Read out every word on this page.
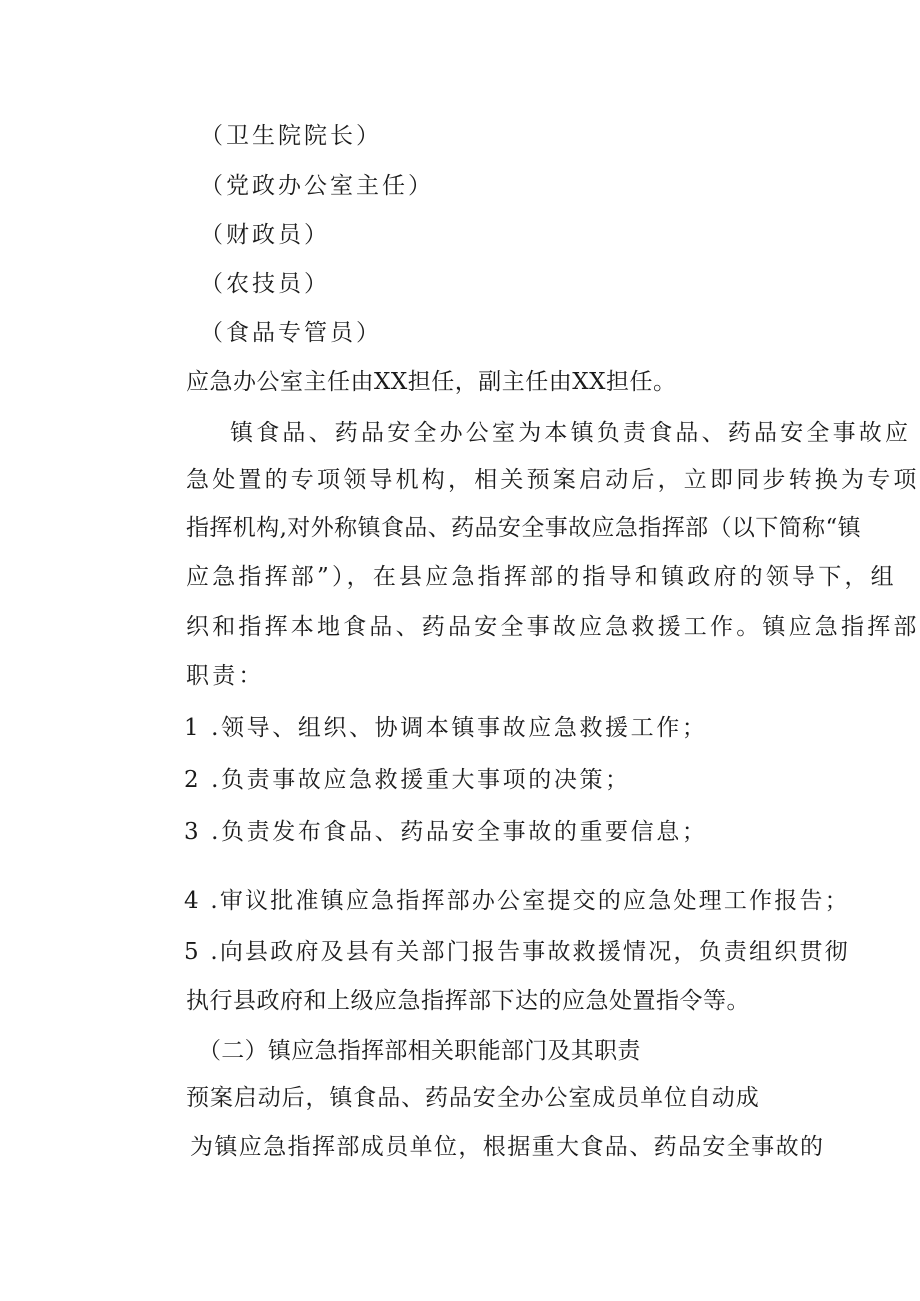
（卫生院院长）
（党政办公室主任）
（财政员）
（农技员）
（食品专管员）
应急办公室主任由XX担任，副主任由XX担任。
镇食品、药品安全办公室为本镇负责食品、药品安全事故应
急处置的专项领导机构，相关预案启动后，立即同步转换为专项
指挥机构,对外称镇食品、药品安全事故应急指挥部（以下简称“镇
应急指挥部”），在县应急指挥部的指导和镇政府的领导下，组
织和指挥本地食品、药品安全事故应急救援工作。镇应急指挥部
职责：
1 .领导、组织、协调本镇事故应急救援工作；
2 .负责事故应急救援重大事项的决策；
3 .负责发布食品、药品安全事故的重要信息；
4 .审议批准镇应急指挥部办公室提交的应急处理工作报告；
5 .向县政府及县有关部门报告事故救援情况，负责组织贯彻
执行县政府和上级应急指挥部下达的应急处置指令等。
（二）镇应急指挥部相关职能部门及其职责
预案启动后，镇食品、药品安全办公室成员单位自动成
为镇应急指挥部成员单位，根据重大食品、药品安全事故的
